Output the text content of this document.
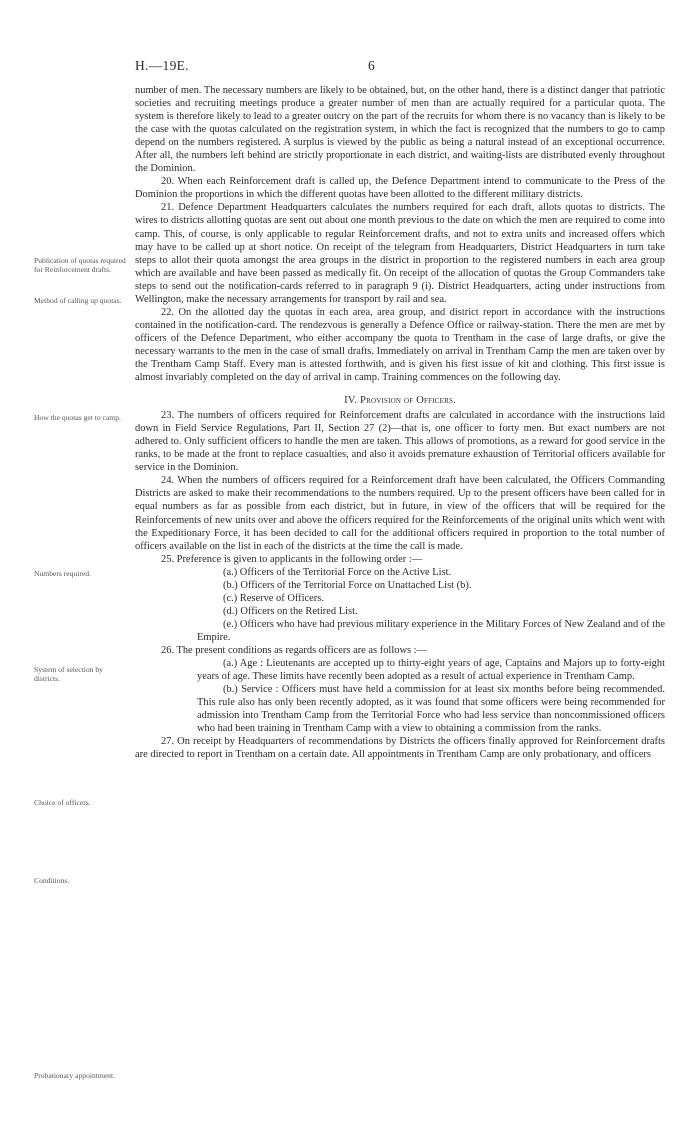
H.—19E.	6
Publication of quotas required for Reinforcement drafts.
Method of calling up quotas.
How the quotas get to camp.
Numbers required.
System of selection by districts.
Choice of officers.
Conditions.
Probationary appointment.

number of men. The necessary numbers are likely to be obtained, but, on the other hand, there is a distinct danger that patriotic societies and recruiting meetings produce a greater number of men than are actually required for a particular quota. The system is therefore likely to lead to a greater outcry on the part of the recruits for whom there is no vacancy than is likely to be the case with the quotas calculated on the registration system, in which the fact is recognized that the numbers to go to camp depend on the numbers registered. A surplus is viewed by the public as being a natural instead of an exceptional occurrence. After all, the numbers left behind are strictly proportionate in each district, and waiting-lists are distributed evenly throughout the Dominion.

20. When each Reinforcement draft is called up, the Defence Department intend to communicate to the Press of the Dominion the proportions in which the different quotas have been allotted to the different military districts.

21. Defence Department Headquarters calculates the numbers required for each draft, allots quotas to districts. The wires to districts allotting quotas are sent out about one month previous to the date on which the men are required to come into camp. This, of course, is only applicable to regular Reinforcement drafts, and not to extra units and increased offers which may have to be called up at short notice. On receipt of the telegram from Headquarters, District Headquarters in turn take steps to allot their quota amongst the area groups in the district in proportion to the registered numbers in each area group which are available and have been passed as medically fit. On receipt of the allocation of quotas the Group Commanders take steps to send out the notification-cards referred to in paragraph 9 (i). District Headquarters, acting under instructions from Wellington, make the necessary arrangements for transport by rail and sea.

22. On the allotted day the quotas in each area, area group, and district report in accordance with the instructions contained in the notification-card. The rendezvous is generally a Defence Office or railway-station. There the men are met by officers of the Defence Department, who either accompany the quota to Trentham in the case of large drafts, or give the necessary warrants to the men in the case of small drafts. Immediately on arrival in Trentham Camp the men are taken over by the Trentham Camp Staff. Every man is attested forthwith, and is given his first issue of kit and clothing. This first issue is almost invariably completed on the day of arrival in camp. Training commences on the following day.

IV. Provision of Officers.

23. The numbers of officers required for Reinforcement drafts are calculated in accordance with the instructions laid down in Field Service Regulations, Part II, Section 27 (2)—that is, one officer to forty men. But exact numbers are not adhered to. Only sufficient officers to handle the men are taken. This allows of promotions, as a reward for good service in the ranks, to be made at the front to replace casualties, and also it avoids premature exhaustion of Territorial officers available for service in the Dominion.

24. When the numbers of officers required for a Reinforcement draft have been calculated, the Officers Commanding Districts are asked to make their recommendations to the numbers required. Up to the present officers have been called for in equal numbers as far as possible from each district, but in future, in view of the officers that will be required for the Reinforcements of new units over and above the officers required for the Reinforcements of the original units which went with the Expeditionary Force, it has been decided to call for the additional officers required in proportion to the total number of officers available on the list in each of the districts at the time the call is made.

25. Preference is given to applicants in the following order :—

(a.) Officers of the Territorial Force on the Active List.

(b.) Officers of the Territorial Force on Unattached List (b).

(c.) Reserve of Officers.

(d.) Officers on the Retired List.

(e.) Officers who have had previous military experience in the Military Forces of New Zealand and of the Empire.

26. The present conditions as regards officers are as follows :—

(a.) Age : Lieutenants are accepted up to thirty-eight years of age, Captains and Majors up to forty-eight years of age. These limits have recently been adopted as a result of actual experience in Trentham Camp.

(b.) Service : Officers must have held a commission for at least six months before being recommended. This rule also has only been recently adopted, as it was found that some officers were being recommended for admission into Trentham Camp from the Territorial Force who had less service than noncommissioned officers who had been training in Trentham Camp with a view to obtaining a commission from the ranks.

27. On receipt by Headquarters of recommendations by Districts the officers finally approved for Reinforcement drafts are directed to report in Trentham on a certain date. All appointments in Trentham Camp are only probationary, and officers
